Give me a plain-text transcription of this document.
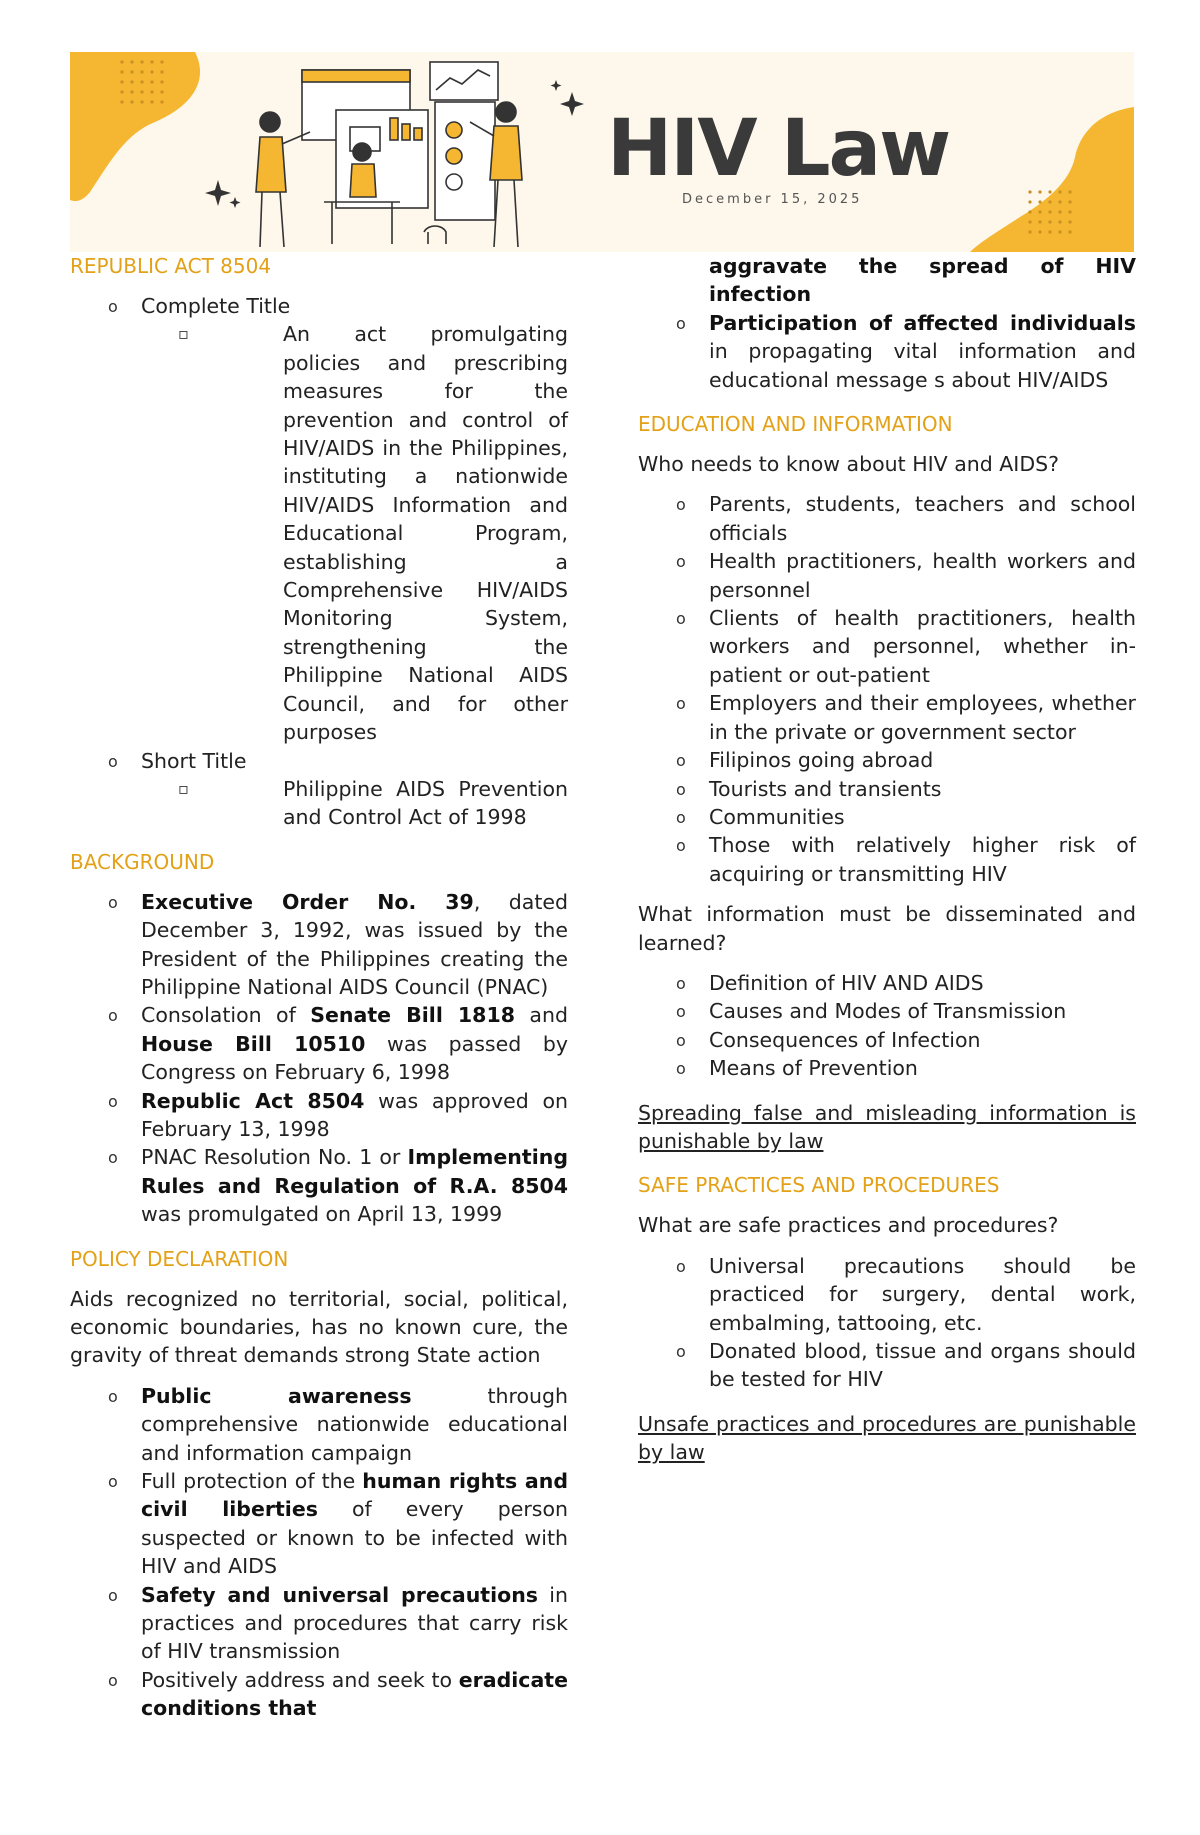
HIV Law
December 15, 2025
REPUBLIC ACT 8504
o Complete Title
▫ An act promulgating policies and prescribing measures for the prevention and control of HIV/AIDS in the Philippines, instituting a nationwide HIV/AIDS Information and Educational Program, establishing a Comprehensive HIV/AIDS Monitoring System, strengthening the Philippine National AIDS Council, and for other purposes
o Short Title
▫ Philippine AIDS Prevention and Control Act of 1998
BACKGROUND
o Executive Order No. 39, dated December 3, 1992, was issued by the President of the Philippines creating the Philippine National AIDS Council (PNAC)
o Consolation of Senate Bill 1818 and House Bill 10510 was passed by Congress on February 6, 1998
o Republic Act 8504 was approved on February 13, 1998
o PNAC Resolution No. 1 or Implementing Rules and Regulation of R.A. 8504 was promulgated on April 13, 1999
POLICY DECLARATION

Aids recognized no territorial, social, political, economic boundaries, has no known cure, the gravity of threat demands strong State action

o Public awareness through comprehensive nationwide educational and information campaign
o Full protection of the human rights and civil liberties of every person suspected or known to be infected with HIV and AIDS
o Safety and universal precautions in practices and procedures that carry risk of HIV transmission
o Positively address and seek to eradicate conditions that
aggravate the spread of HIV infection
o Participation of affected individuals in propagating vital information and educational message s about HIV/AIDS
EDUCATION AND INFORMATION

Who needs to know about HIV and AIDS?

o Parents, students, teachers and school officials
o Health practitioners, health workers and personnel
o Clients of health practitioners, health workers and personnel, whether in-patient or out-patient
o Employers and their employees, whether in the private or government sector
o Filipinos going abroad
o Tourists and transients
o Communities
o Those with relatively higher risk of acquiring or transmitting HIV

What information must be disseminated and learned?

o Definition of HIV AND AIDS
o Causes and Modes of Transmission
o Consequences of Infection
o Means of Prevention

Spreading false and misleading information is punishable by law

SAFE PRACTICES AND PROCEDURES

What are safe practices and procedures?

o Universal precautions should be practiced for surgery, dental work, embalming, tattooing, etc.
o Donated blood, tissue and organs should be tested for HIV

Unsafe practices and procedures are punishable by law
